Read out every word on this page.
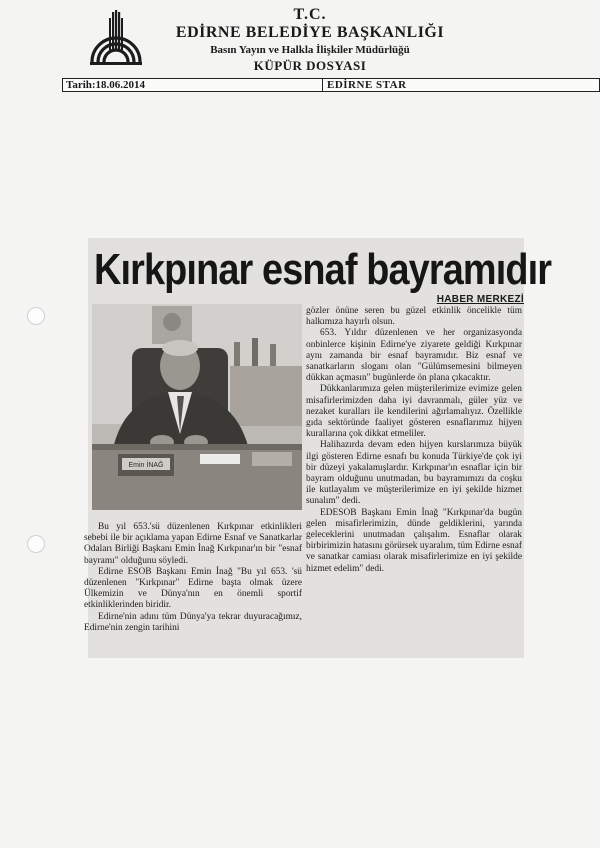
T.C.
EDİRNE BELEDİYE BAŞKANLIĞI
Basın Yayın ve Halkla İlişkiler Müdürlüğü
KÜPÜR DOSYASI
Tarih:18.06.2014	EDİRNE STAR
Kırkpınar esnaf bayramıdır
HABER MERKEZİ
Emin İNAĞ

Bu yıl 653.'sü düzenlenen Kırkpınar etkinlikleri sebebi ile bir açıklama yapan Edirne Esnaf ve Sanatkarlar Odaları Birliği Başkanı Emin İnağ Kırkpınar'ın bir "esnaf bayramı" olduğunu söyledi.

Edirne ESOB Başkanı Emin İnağ "Bu yıl 653. 'sü düzenlenen "Kırkpınar" Edirne başta olmak üzere Ülkemizin ve Dünya'nın en önemli sportif etkinliklerinden biridir.

Edirne'nin adını tüm Dünya'ya tekrar duyuracağımız, Edirne'nin zengin tarihini

gözler önüne seren bu güzel etkinlik öncelikle tüm halkımıza hayırlı olsun.

653. Yıldır düzenlenen ve her organizasyonda onbinlerce kişinin Edirne'ye ziyarete geldiği Kırkpınar aynı zamanda bir esnaf bayramıdır. Biz esnaf ve sanatkarların sloganı olan "Gülümsemesini bilmeyen dükkan açmasın" bugünlerde ön plana çıkacaktır.

Dükkanlarımıza gelen müşterilerimize evimize gelen misafirlerimizden daha iyi davranmalı, güler yüz ve nezaket kuralları ile kendilerini ağırlamalıyız. Özellikle gıda sektöründe faaliyet gösteren esnaflarımız hijyen kurallarına çok dikkat etmeliler.

Halihazırda devam eden hijyen kurslarımıza büyük ilgi gösteren Edirne esnafı bu konuda Türkiye'de çok iyi bir düzeyi yakalamışlardır. Kırkpınar'ın esnaflar için bir bayram olduğunu unutmadan, bu bayramımızı da coşku ile kutlayalım ve müşterilerimize en iyi şekilde hizmet sunalım" dedi.

EDESOB Başkanı Emin İnağ "Kırkpınar'da bugün gelen misafirlerimizin, dünde geldiklerini, yarında geleceklerini unutmadan çalışalım. Esnaflar olarak birbirimizin hatasını görürsek uyaralım, tüm Edirne esnaf ve sanatkar camiası olarak misafirlerimize en iyi şekilde hizmet edelim" dedi.
